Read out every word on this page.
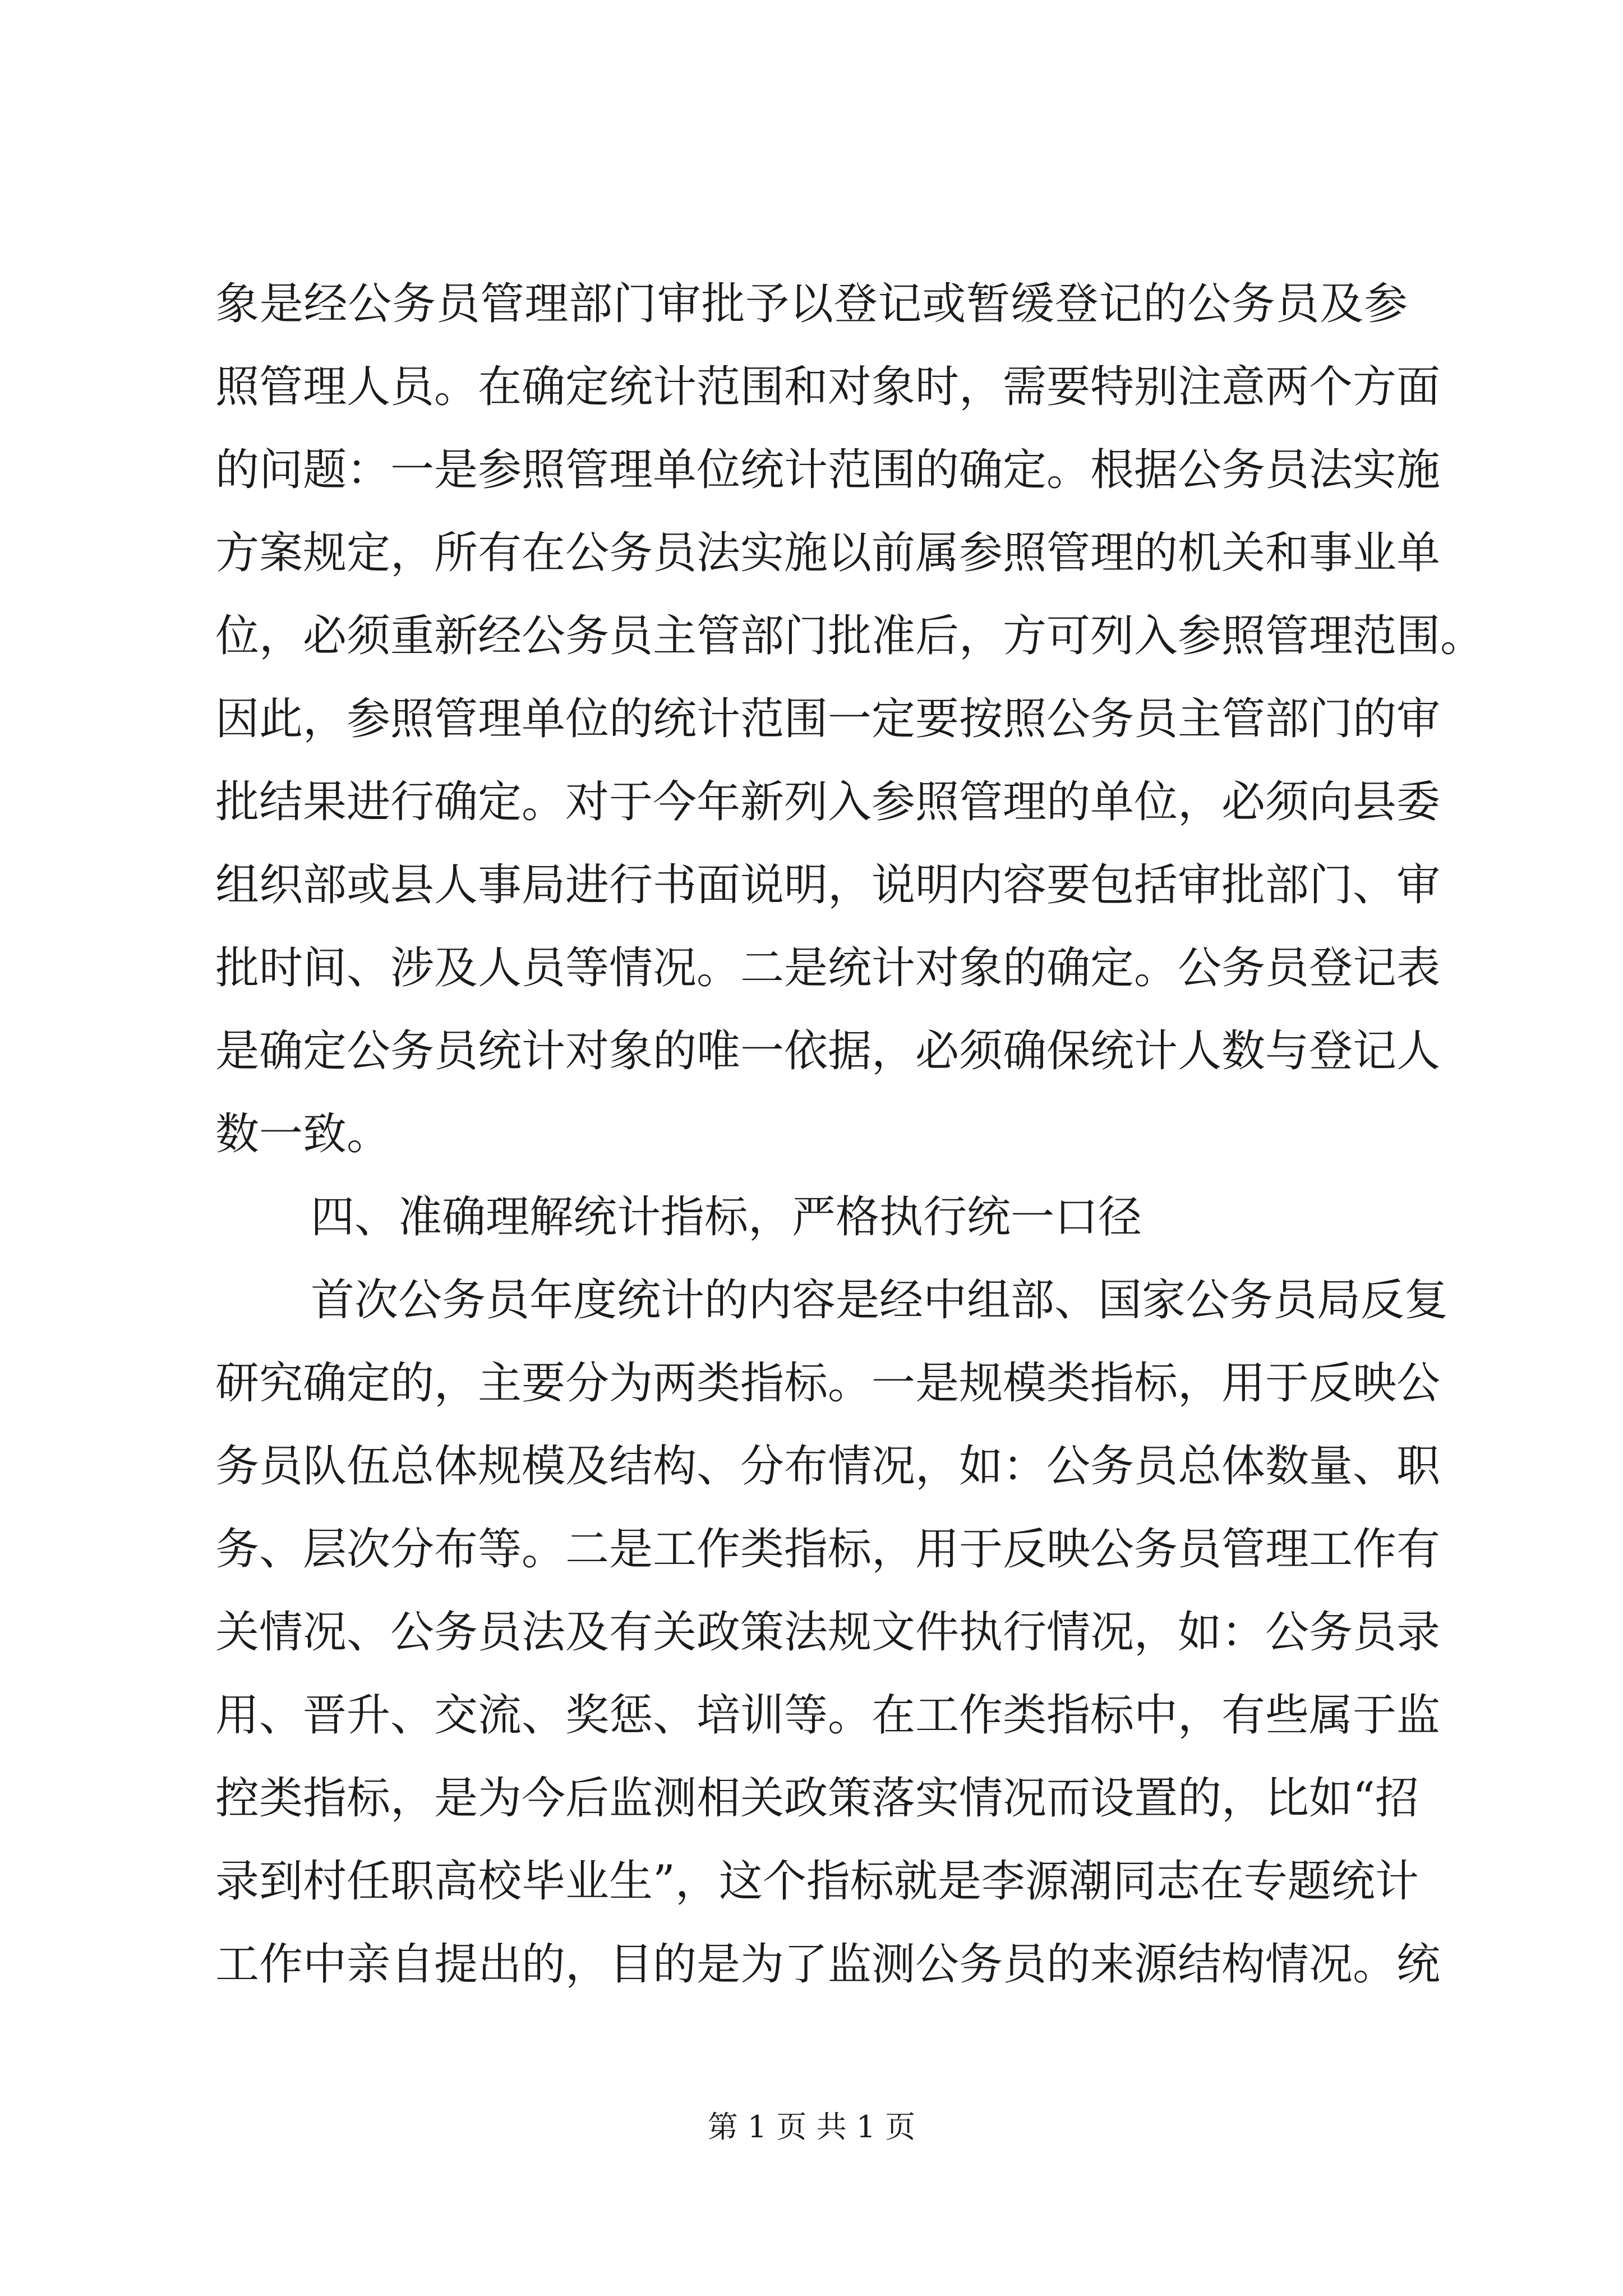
象是经公务员管理部门审批予以登记或暂缓登记的公务员及参
照管理人员。在确定统计范围和对象时，需要特别注意两个方面
的问题：一是参照管理单位统计范围的确定。根据公务员法实施
方案规定，所有在公务员法实施以前属参照管理的机关和事业单
位，必须重新经公务员主管部门批准后，方可列入参照管理范围。
因此，参照管理单位的统计范围一定要按照公务员主管部门的审
批结果进行确定。对于今年新列入参照管理的单位，必须向县委
组织部或县人事局进行书面说明，说明内容要包括审批部门、审
批时间、涉及人员等情况。二是统计对象的确定。公务员登记表
是确定公务员统计对象的唯一依据，必须确保统计人数与登记人
数一致。
四、准确理解统计指标，严格执行统一口径
首次公务员年度统计的内容是经中组部、国家公务员局反复
研究确定的，主要分为两类指标。一是规模类指标，用于反映公
务员队伍总体规模及结构、分布情况，如：公务员总体数量、职
务、层次分布等。二是工作类指标，用于反映公务员管理工作有
关情况、公务员法及有关政策法规文件执行情况，如：公务员录
用、晋升、交流、奖惩、培训等。在工作类指标中，有些属于监
控类指标，是为今后监测相关政策落实情况而设置的，比如“招
录到村任职高校毕业生”，这个指标就是李源潮同志在专题统计
工作中亲自提出的，目的是为了监测公务员的来源结构情况。统
第 1 页 共 1 页
